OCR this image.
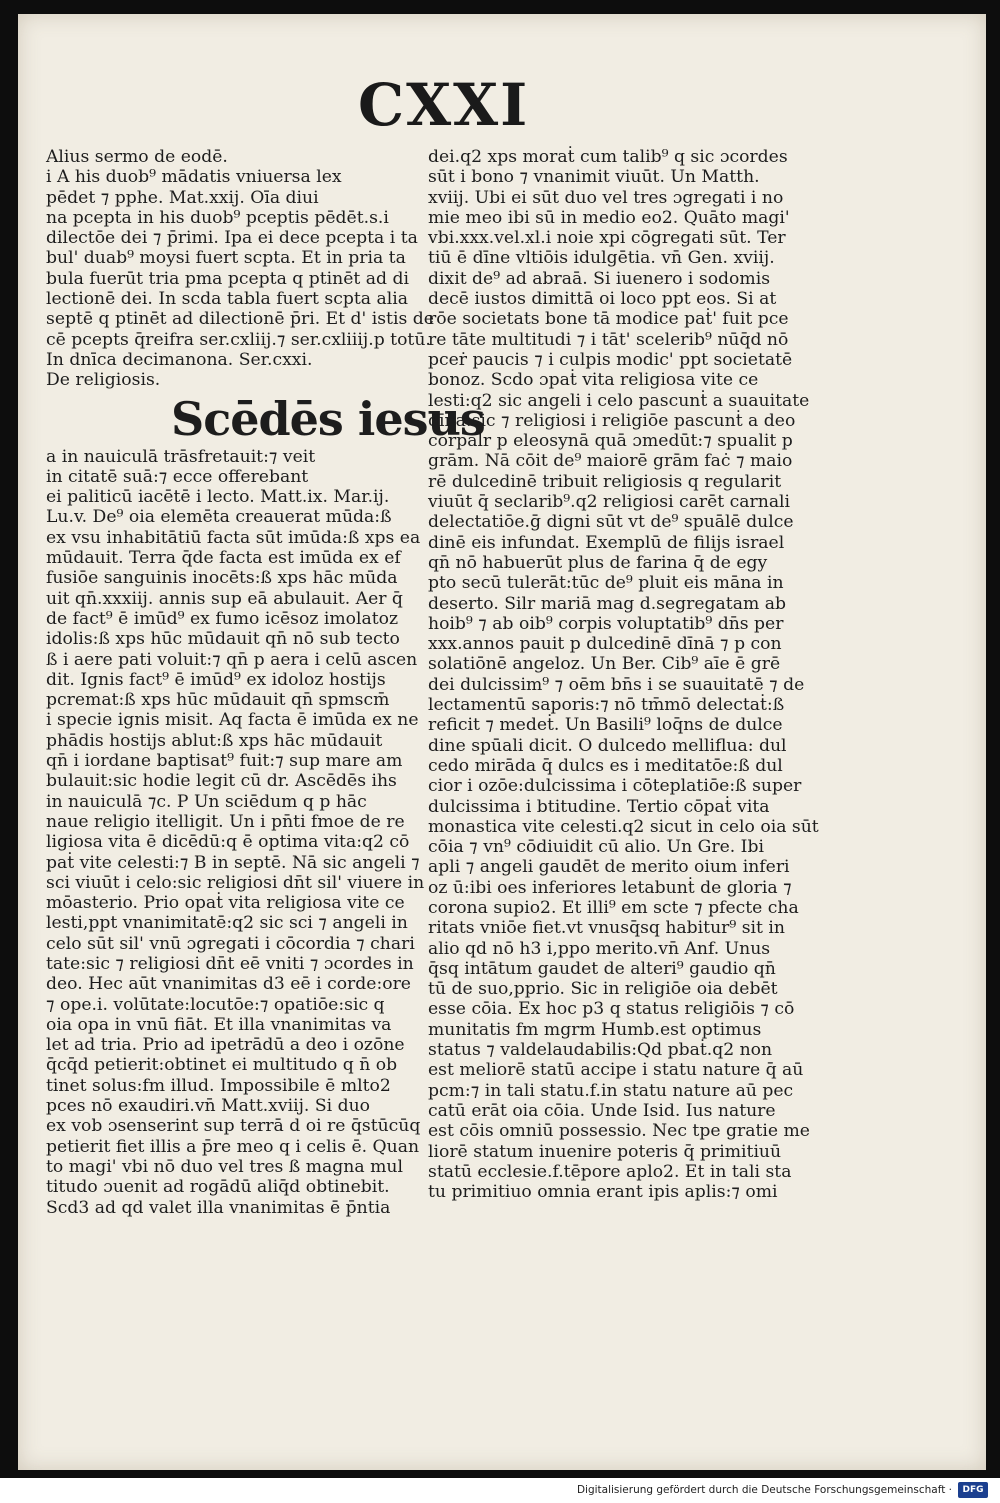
CXXI
Alius sermo de eodē.
i A his duob⁹ mādatis vniuersa lex
pēdet ⁊ pphe. Mat.xxij. Oīa diui
na pcepta in his duob⁹ pceptis pēdēt.s.i
dilectōe dei ⁊ p̄rimi. Ipa ei dece pcepta i ta
bul' duab⁹ moysi fuert scpta. Et in pria ta
bula fuerūt tria pma pcepta q ptinēt ad di
lectionē dei. In scda tabla fuert scpta alia
septē q ptinēt ad dilectionē p̄ri. Et d' istis de
cē pcepts q̄reifra ser.cxliij.⁊ ser.cxliiij.p totū.
In dnīca decimanona. Ser.cxxi.
De religiosis.
Scēdēs iesus
a in nauiculā trāsfretauit:⁊ veit
in citatē suā:⁊ ecce offerebant
ei paliticū iacētē i lecto. Matt.ix. Mar.ij.
Lu.v. De⁹ oia elemēta creauerat mūda:ß
ex vsu inhabitātiū facta sūt imūda:ß xps ea
mūdauit. Terra q̄de facta est imūda ex ef
fusiōe sanguinis inocēts:ß xps hāc mūda
uit qn̄.xxxiij. annis sup eā abulauit. Aer q̄
de fact⁹ ē imūd⁹ ex fumo icēsoz imolatoz
idolis:ß xps hūc mūdauit qn̄ nō sub tecto
ß i aere pati voluit:⁊ qn̄ p aera i celū ascen
dit. Ignis fact⁹ ē imūd⁹ ex idoloz hostijs
pcremat:ß xps hūc mūdauit qn̄ spmscm̄
i specie ignis misit. Aq facta ē imūda ex ne
phādis hostijs ablut:ß xps hāc mūdauit
qn̄ i iordane baptisat⁹ fuit:⁊ sup mare am
bulauit:sic hodie legit cū dr. Ascēdēs ihs
in nauiculā ⁊c. P Un sciēdum q p hāc
naue religio itelligit. Un i pn̄ti fmoe de re
ligiosa vita ē dicēdū:q ē optima vita:q2 cō
paṫ vite celesti:⁊ B in septē. Nā sic angeli ⁊
sci viuūt i celo:sic religiosi dn̄t sil' viuere in
mōasterio. Prio opaṫ vita religiosa vite ce
lesti,ppt vnanimitatē:q2 sic sci ⁊ angeli in
celo sūt sil' vnū ɔgregati i cōcordia ⁊ chari
tate:sic ⁊ religiosi dn̄t eē vniti ⁊ ɔcordes in
deo. Hec aūt vnanimitas d3 eē i corde:ore
⁊ ope.i. volūtate:locutōe:⁊ opatiōe:sic q
oia opa in vnū fiāt. Et illa vnanimitas va
let ad tria. Prio ad ipetrādū a deo i ozōne
q̄cq̄d petierit:obtinet ei multitudo q n̄ ob
tinet solus:fm illud. Impossibile ē mlto2
pces nō exaudiri.vn̄ Matt.xviij. Si duo
ex vob ɔsenserint sup terrā d oi re q̄stūcūq
petierit fiet illis a p̄re meo q i celis ē. Quan
to magi' vbi nō duo vel tres ß magna mul
titudo ɔuenit ad rogādū aliq̄d obtinebit.
Scd3 ad qd valet illa vnanimitas ē p̄ntia
dei.q2 xps moraṫ cum talib⁹ q sic ɔcordes
sūt i bono ⁊ vnanimit viuūt. Un Matth.
xviij. Ubi ei sūt duo vel tres ɔgregati i no
mie meo ibi sū in medio eo2. Quāto magi'
vbi.xxx.vel.xl.i noie xpi cōgregati sūt. Ter
tiū ē dīne vltiōis idulgētia. vn̄ Gen. xviij.
dixit de⁹ ad abraā. Si iuenero i sodomis
decē iustos dimittā oi loco ppt eos. Si at
rōe societats bone tā modice paṫ' fuit pce
re tāte multitudi ⁊ i tāt' scelerib⁹ nūq̄d nō
pceṙ paucis ⁊ i culpis modic' ppt societatē
bonoz. Scdo ɔpaṫ vita religiosa vite ce
lesti:q2 sic angeli i celo pascunṫ a suauitate
dīna:sic ⁊ religiosi i religiōe pascunṫ a deo
corpalr p eleosynā quā ɔmedūt:⁊ spualit p
grām. Nā cōit de⁹ maiorē grām faċ ⁊ maio
rē dulcedinē tribuit religiosis q regularit
viuūt q̄ seclarib⁹.q2 religiosi carēt carnali
delectatiōe.ḡ digni sūt vt de⁹ spuālē dulce
dinē eis infundat. Exemplū de filijs israel
qn̄ nō habuerūt plus de farina q̄ de egy
pto secū tulerāt:tūc de⁹ pluit eis māna in
deserto. Silr mariā mag d.segregatam ab
hoib⁹ ⁊ ab oib⁹ corpis voluptatib⁹ dn̄s per
xxx.annos pauit p dulcedinē dīnā ⁊ p con
solatiōnē angeloz. Un Ber. Cib⁹ aīe ē grē
dei dulcissim⁹ ⁊ oēm bn̄s i se suauitatē ⁊ de
lectamentū saporis:⁊ nō tm̄mō delectaṫ:ß
reficit ⁊ medeṫ. Un Basili⁹ loq̄ns de dulce
dine spūali dicit. O dulcedo melliflua: dul
cedo mirāda q̄ dulcs es i meditatōe:ß dul
cior i ozōe:dulcissima i cōteplatiōe:ß super
dulcissima i btitudine. Tertio cōpaṫ vita
monastica vite celesti.q2 sicut in celo oia sūt
cōia ⁊ vn⁹ cōdiuidit cū alio. Un Gre. Ibi
apli ⁊ angeli gaudēt de merito oium inferi
oz ū:ibi oes inferiores letabunṫ de gloria ⁊
corona supio2. Et illi⁹ em scte ⁊ pfecte cha
ritats vniōe fiet.vt vnusq̄sq habitur⁹ sit in
alio qd nō h3 i,ppo merito.vn̄ Anf. Unus
q̄sq intātum gaudet de alteri⁹ gaudio qn̄
tū de suo,pprio. Sic in religiōe oia debēt
esse cōia. Ex hoc p3 q status religiōis ⁊ cō
munitatis fm mgrm Humb.est optimus
status ⁊ valdelaudabilis:Qd pbaṫ.q2 non
est meliorē statū accipe i statu nature q̄ aū
pcm:⁊ in tali statu.f.in statu nature aū pec
catū erāt oia cōia. Unde Isid. Ius nature
est cōis omniū possessio. Nec tpe gratie me
liorē statum inuenire poteris q̄ primitiuū
statū ecclesie.f.tēpore aplo2. Et in tali sta
tu primitiuo omnia erant ipis aplis:⁊ omi
Digitalisierung gefördert durch die Deutsche Forschungsgemeinschaft ·	DFG
